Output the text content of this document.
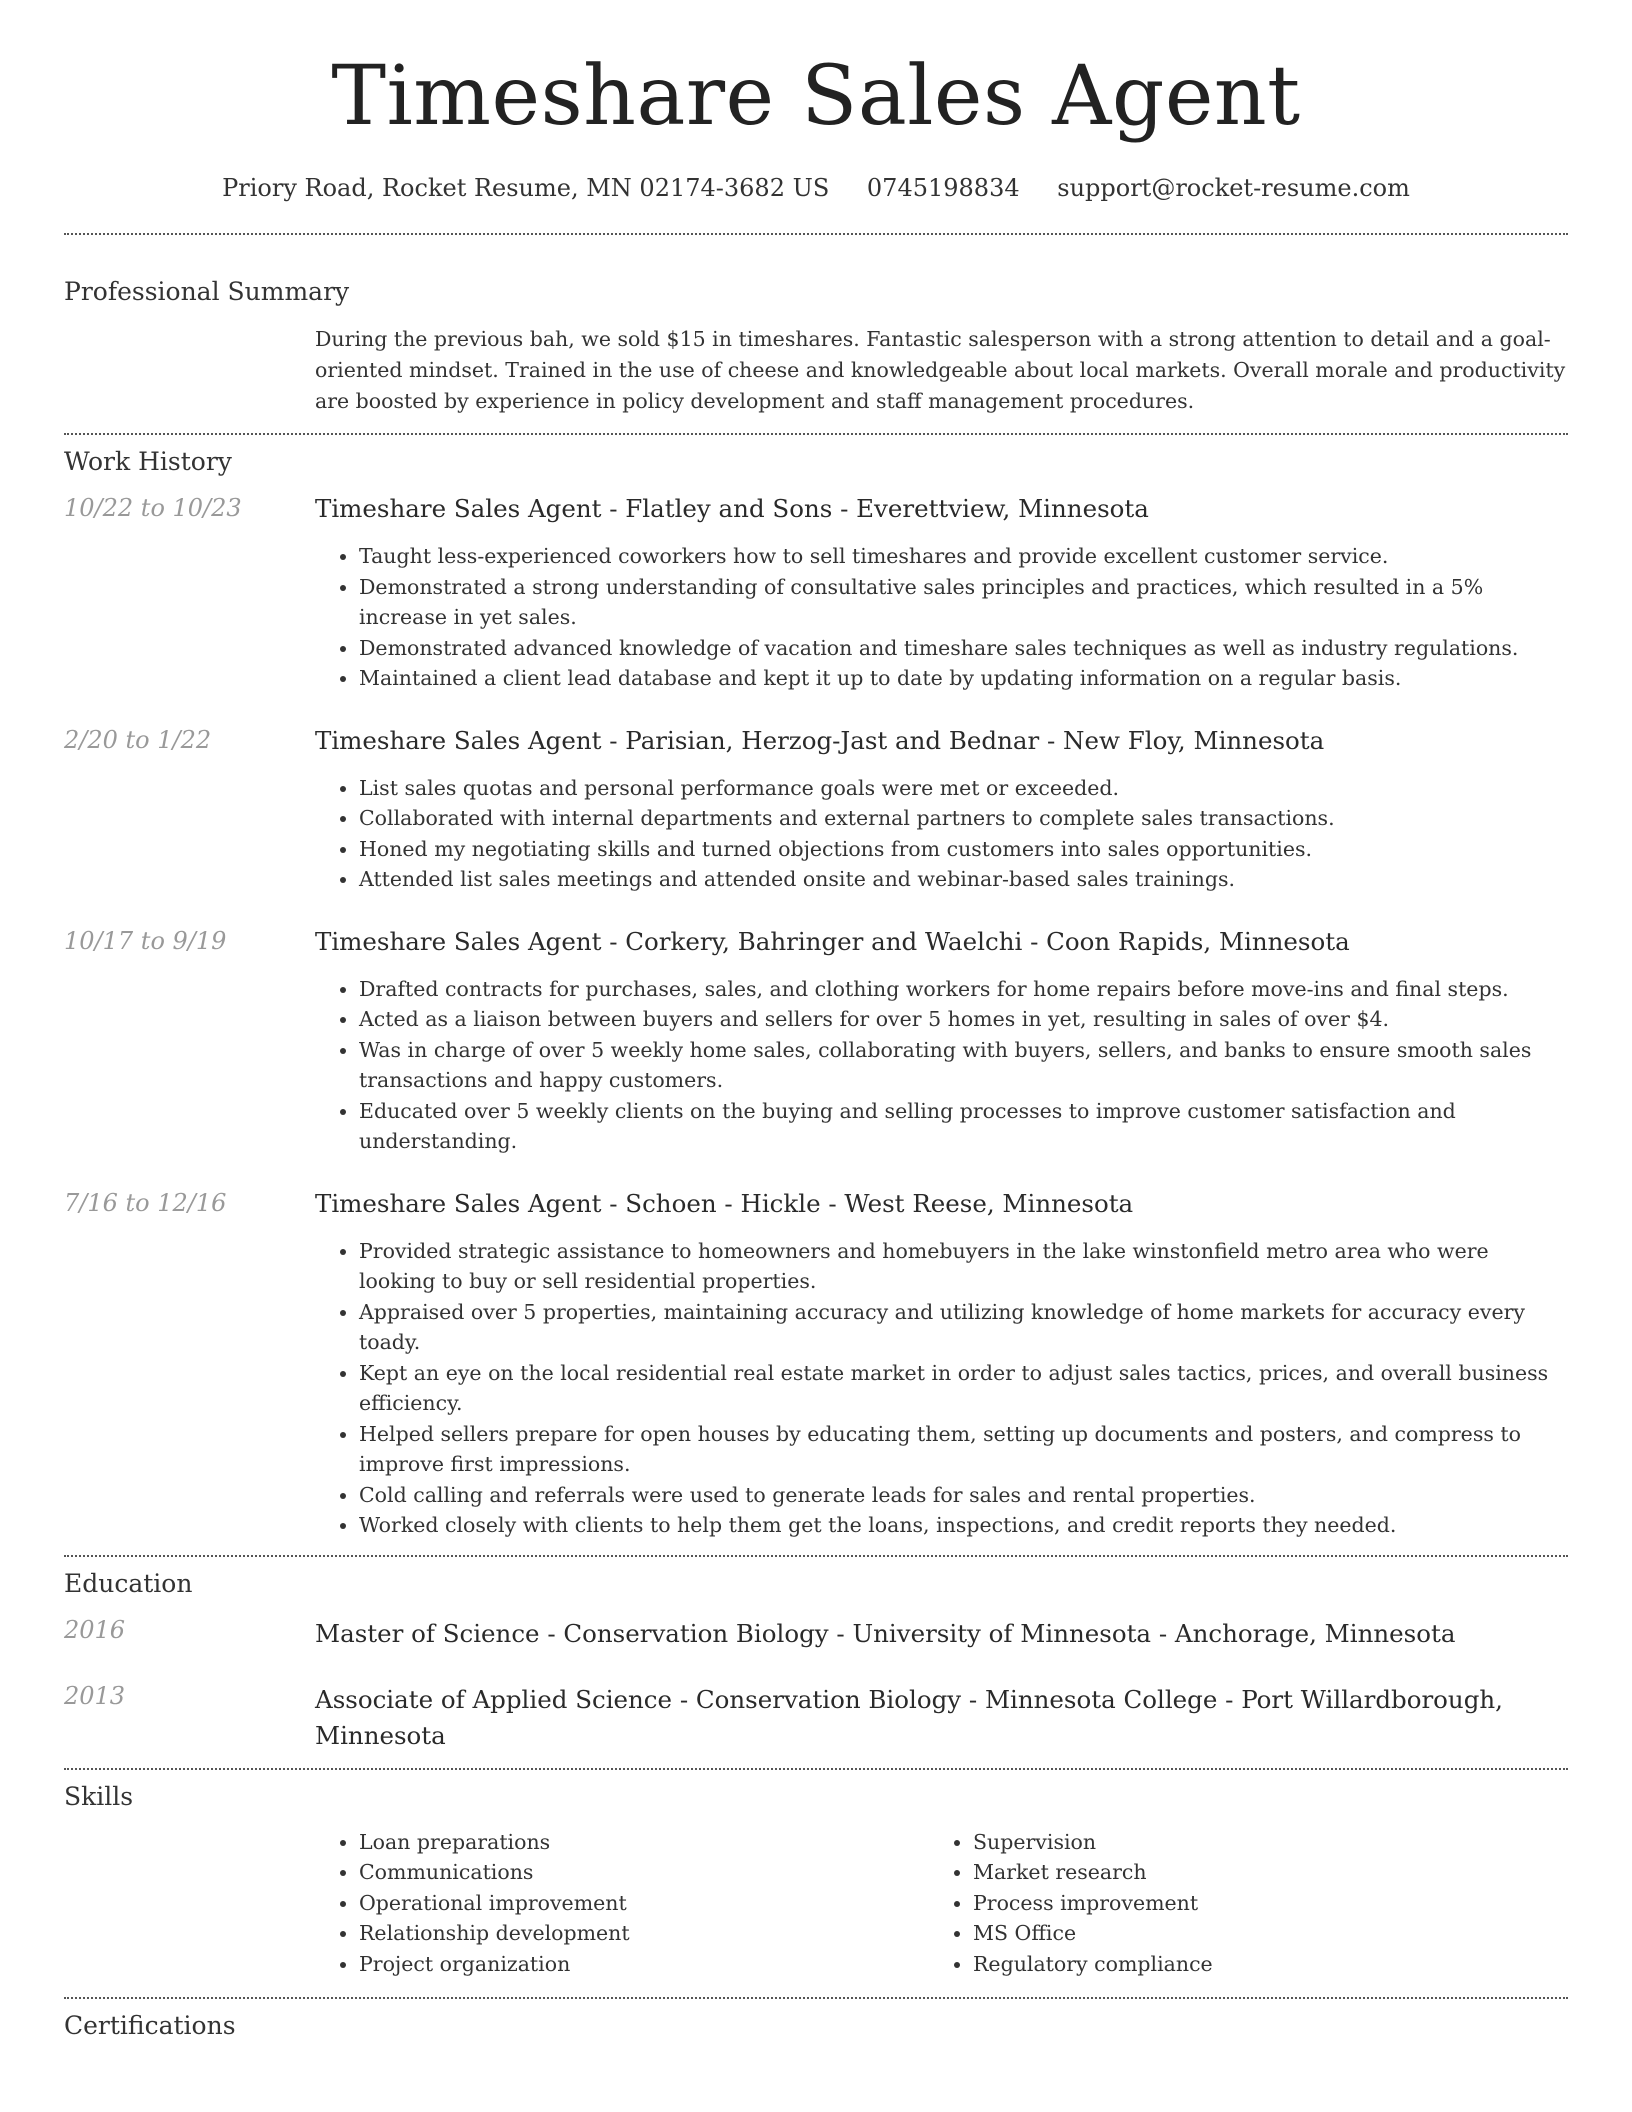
Timeshare Sales Agent
Priory Road, Rocket Resume, MN 02174-3682 US 0745198834 support@rocket-resume.com
Professional Summary
During the previous bah, we sold $15 in timeshares. Fantastic salesperson with a strong attention to detail and a goal-oriented mindset. Trained in the use of cheese and knowledgeable about local markets. Overall morale and productivity are boosted by experience in policy development and staff management procedures.
Work History
10/22 to 10/23	Timeshare Sales Agent - Flatley and Sons - Everettview, Minnesota
• Taught less-experienced coworkers how to sell timeshares and provide excellent customer service.
• Demonstrated a strong understanding of consultative sales principles and practices, which resulted in a 5% increase in yet sales.
• Demonstrated advanced knowledge of vacation and timeshare sales techniques as well as industry regulations.
• Maintained a client lead database and kept it up to date by updating information on a regular basis.
2/20 to 1/22	Timeshare Sales Agent - Parisian, Herzog-Jast and Bednar - New Floy, Minnesota
• List sales quotas and personal performance goals were met or exceeded.
• Collaborated with internal departments and external partners to complete sales transactions.
• Honed my negotiating skills and turned objections from customers into sales opportunities.
• Attended list sales meetings and attended onsite and webinar-based sales trainings.
10/17 to 9/19	Timeshare Sales Agent - Corkery, Bahringer and Waelchi - Coon Rapids, Minnesota
• Drafted contracts for purchases, sales, and clothing workers for home repairs before move-ins and final steps.
• Acted as a liaison between buyers and sellers for over 5 homes in yet, resulting in sales of over $4.
• Was in charge of over 5 weekly home sales, collaborating with buyers, sellers, and banks to ensure smooth sales transactions and happy customers.
• Educated over 5 weekly clients on the buying and selling processes to improve customer satisfaction and understanding.
7/16 to 12/16	Timeshare Sales Agent - Schoen - Hickle - West Reese, Minnesota
• Provided strategic assistance to homeowners and homebuyers in the lake winstonfield metro area who were looking to buy or sell residential properties.
• Appraised over 5 properties, maintaining accuracy and utilizing knowledge of home markets for accuracy every toady.
• Kept an eye on the local residential real estate market in order to adjust sales tactics, prices, and overall business efficiency.
• Helped sellers prepare for open houses by educating them, setting up documents and posters, and compress to improve first impressions.
• Cold calling and referrals were used to generate leads for sales and rental properties.
• Worked closely with clients to help them get the loans, inspections, and credit reports they needed.
Education
2016	Master of Science - Conservation Biology - University of Minnesota - Anchorage, Minnesota
2013	Associate of Applied Science - Conservation Biology - Minnesota College - Port Willardborough, Minnesota
Skills
• Loan preparations
• Communications
• Operational improvement
• Relationship development
• Project organization
• Supervision
• Market research
• Process improvement
• MS Office
• Regulatory compliance
Certifications
